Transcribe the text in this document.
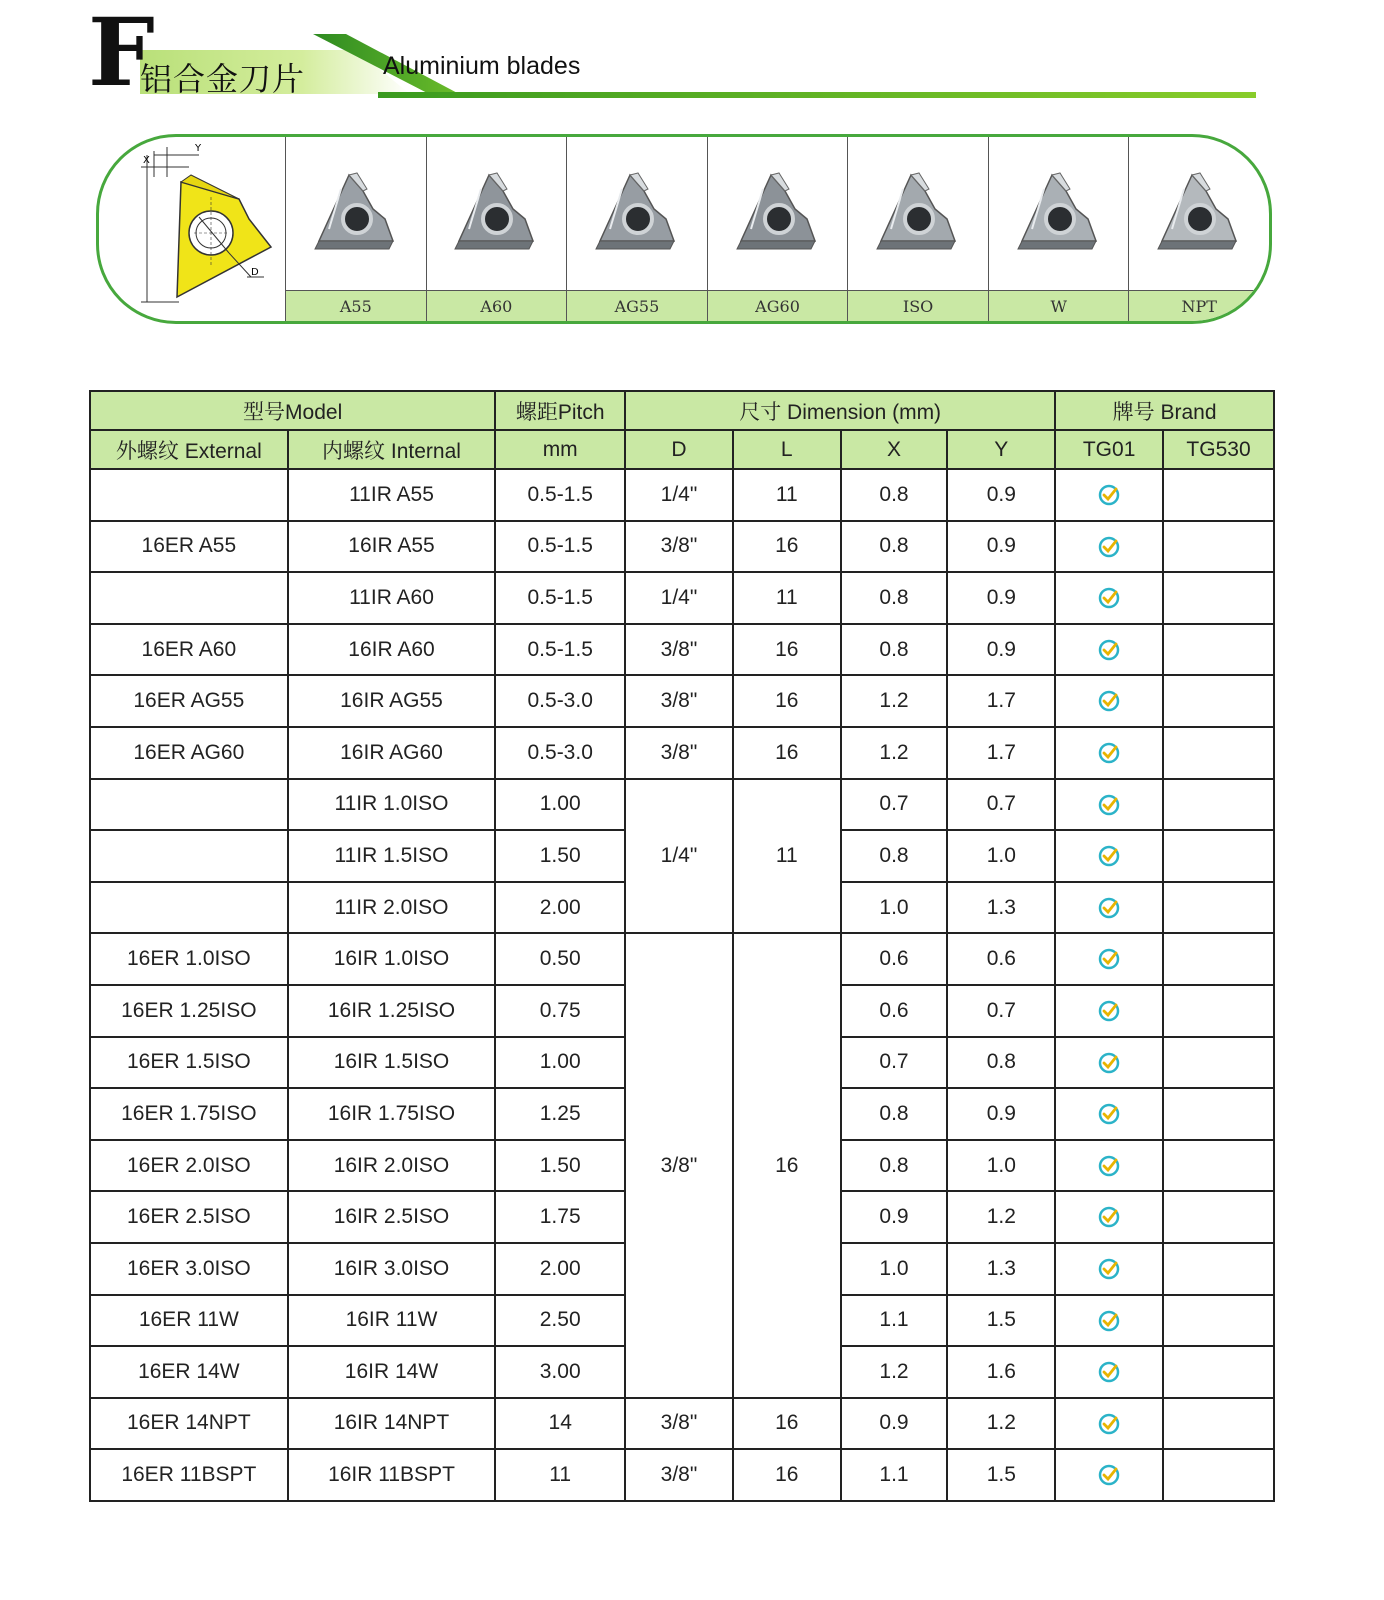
F
铝合金刀片	Aluminium blades
X
Y
D
A55	A60	AG55	AG60	ISO	W	NPT
型号Model		螺距Pitch	尺寸 Dimension (mm)				牌号 Brand	
外螺纹 External	内螺纹 Internal	mm	D	L	X	Y	TG01	TG530
	11IR A55	0.5-1.5	1/4"	11	0.8	0.9		
16ER A55	16IR A55	0.5-1.5	3/8"	16	0.8	0.9		
	11IR A60	0.5-1.5	1/4"	11	0.8	0.9		
16ER A60	16IR A60	0.5-1.5	3/8"	16	0.8	0.9		
16ER AG55	16IR AG55	0.5-3.0	3/8"	16	1.2	1.7		
16ER AG60	16IR AG60	0.5-3.0	3/8"	16	1.2	1.7		
	11IR 1.0ISO	1.00	1/4"	11	0.7	0.7		
	11IR 1.5ISO	1.50			0.8	1.0		
	11IR 2.0ISO	2.00			1.0	1.3		
16ER 1.0ISO	16IR 1.0ISO	0.50	3/8"	16	0.6	0.6		
16ER 1.25ISO	16IR 1.25ISO	0.75			0.6	0.7		
16ER 1.5ISO	16IR 1.5ISO	1.00			0.7	0.8		
16ER 1.75ISO	16IR 1.75ISO	1.25			0.8	0.9		
16ER 2.0ISO	16IR 2.0ISO	1.50			0.8	1.0		
16ER 2.5ISO	16IR 2.5ISO	1.75			0.9	1.2		
16ER 3.0ISO	16IR 3.0ISO	2.00			1.0	1.3		
16ER 11W	16IR 11W	2.50			1.1	1.5		
16ER 14W	16IR 14W	3.00			1.2	1.6		
16ER 14NPT	16IR 14NPT	14	3/8"	16	0.9	1.2		
16ER 11BSPT	16IR 11BSPT	11	3/8"	16	1.1	1.5		
